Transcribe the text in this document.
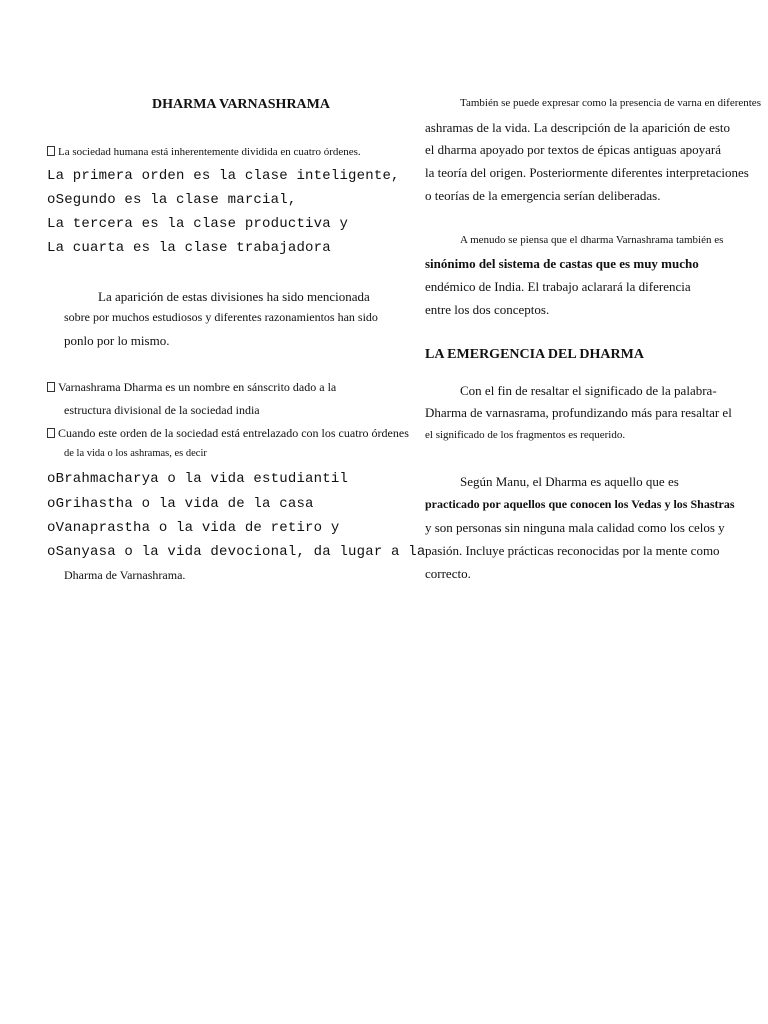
DHARMA VARNASHRAMA
La sociedad humana está inherentemente dividida en cuatro órdenes.
La primera orden es la clase inteligente,
oSegundo es la clase marcial,
La tercera es la clase productiva y
La cuarta es la clase trabajadora
La aparición de estas divisiones ha sido mencionada
sobre por muchos estudiosos y diferentes razonamientos han sido
ponlo por lo mismo.
Varnashrama Dharma es un nombre en sánscrito dado a la
estructura divisional de la sociedad india
Cuando este orden de la sociedad está entrelazado con los cuatro órdenes
de la vida o los ashramas, es decir
oBrahmacharya o la vida estudiantil
oGrihastha o la vida de la casa
oVanaprastha o la vida de retiro y
oSanyasa o la vida devocional, da lugar a la
Dharma de Varnashrama.
También se puede expresar como la presencia de varna en diferentes
ashramas de la vida. La descripción de la aparición de esto
el dharma apoyado por textos de épicas antiguas apoyará
la teoría del origen. Posteriormente diferentes interpretaciones
o teorías de la emergencia serían deliberadas.
A menudo se piensa que el dharma Varnashrama también es
sinónimo del sistema de castas que es muy mucho
endémico de India. El trabajo aclarará la diferencia
entre los dos conceptos.
LA EMERGENCIA DEL DHARMA
Con el fin de resaltar el significado de la palabra-
Dharma de varnasrama, profundizando más para resaltar el
el significado de los fragmentos es requerido.
Según Manu, el Dharma es aquello que es
practicado por aquellos que conocen los Vedas y los Shastras
y son personas sin ninguna mala calidad como los celos y
pasión. Incluye prácticas reconocidas por la mente como
correcto.
